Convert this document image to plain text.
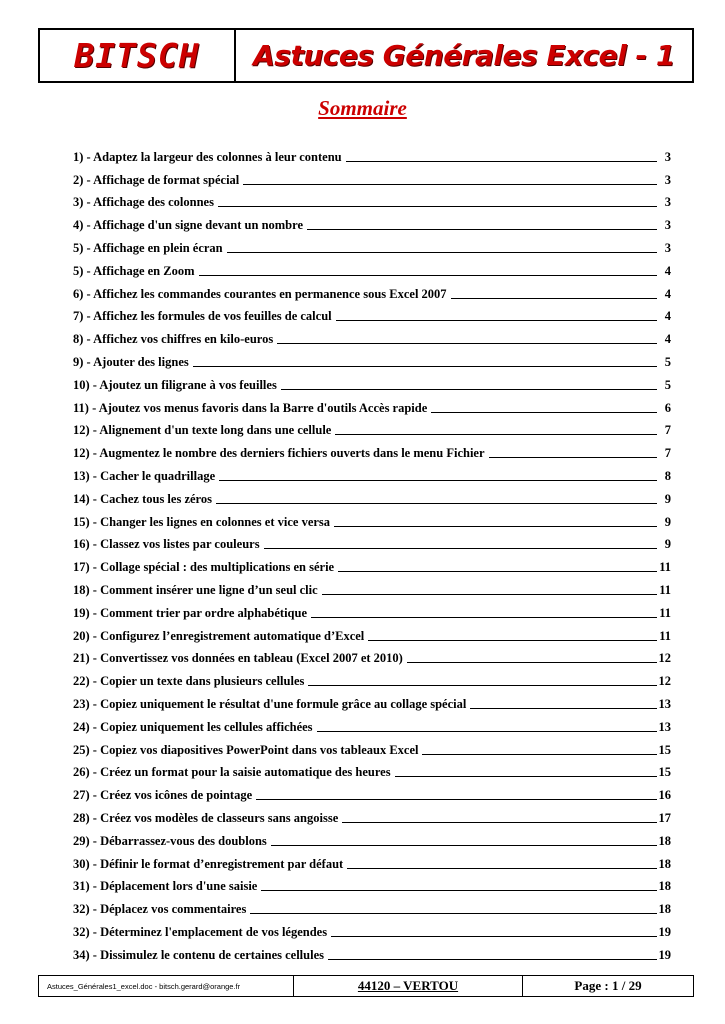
BITSCH	Astuces Générales Excel - 1
Sommaire
1) - Adaptez la largeur des colonnes à leur contenu	3
2) - Affichage de format spécial	3
3) - Affichage des colonnes	3
4) - Affichage d'un signe devant un nombre	3
5) - Affichage en plein écran	3
5) - Affichage en Zoom	4
6) - Affichez les commandes courantes en permanence sous Excel 2007	4
7) - Affichez les formules de vos feuilles de calcul	4
8) - Affichez vos chiffres en kilo-euros	4
9) - Ajouter des lignes	5
10) - Ajoutez un filigrane à vos feuilles	5
11) - Ajoutez vos menus favoris dans la Barre d'outils Accès rapide	6
12) - Alignement d'un texte long dans une cellule	7
12) - Augmentez le nombre des derniers fichiers ouverts dans le menu Fichier	7
13) - Cacher le quadrillage	8
14) - Cachez tous les zéros	9
15) - Changer les lignes en colonnes et vice versa	9
16) - Classez vos listes par couleurs	9
17) - Collage spécial : des multiplications en série	11
18) - Comment insérer une ligne d’un seul clic	11
19) - Comment trier par ordre alphabétique	11
20) - Configurez l’enregistrement automatique d’Excel	11
21) - Convertissez vos données en tableau (Excel 2007 et 2010)	12
22) - Copier un texte dans plusieurs cellules	12
23) - Copiez uniquement le résultat d'une formule grâce au collage spécial	13
24) - Copiez uniquement les cellules affichées	13
25) - Copiez vos diapositives PowerPoint dans vos tableaux Excel	15
26) - Créez un format pour la saisie automatique des heures	15
27) - Créez vos icônes de pointage	16
28) - Créez vos modèles de classeurs sans angoisse	17
29) - Débarrassez-vous des doublons	18
30) - Définir le format d’enregistrement par défaut	18
31) - Déplacement lors d'une saisie	18
32) - Déplacez vos commentaires	18
32) - Déterminez l'emplacement de vos légendes	19
34) - Dissimulez le contenu de certaines cellules	19
Astuces_Générales1_excel.doc - bitsch.gerard@orange.fr	44120 – VERTOU	Page : 1 / 29
